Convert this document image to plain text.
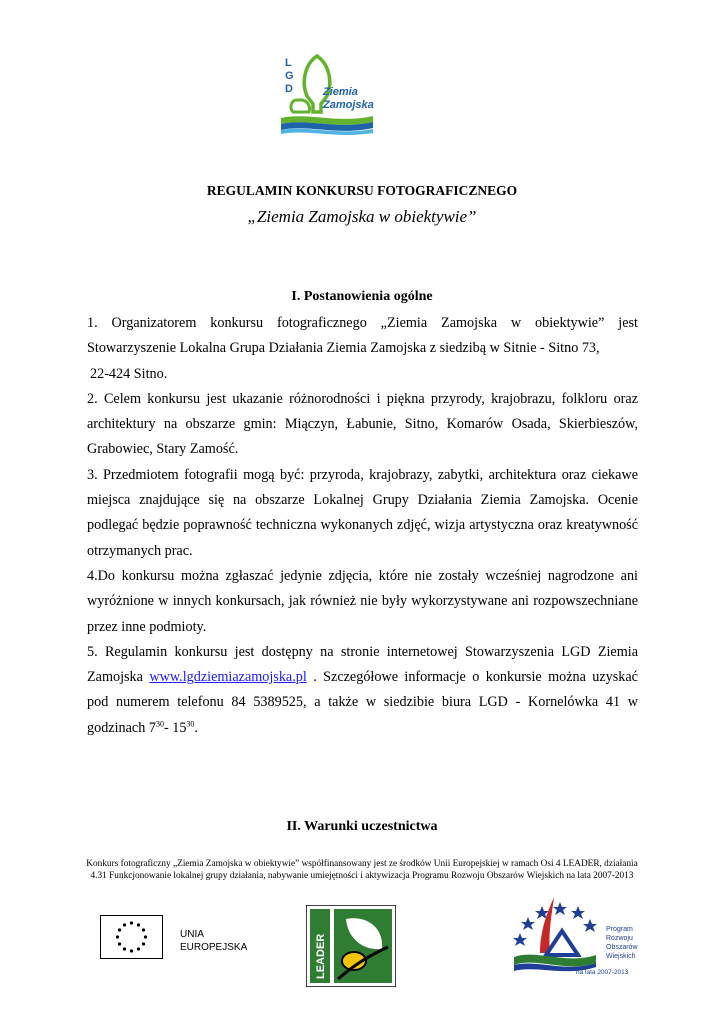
L
G
D	Ziemia
Zamojska
REGULAMIN KONKURSU FOTOGRAFICZNEGO
„Ziemia Zamojska w obiektywie”
I. Postanowienia ogólne

1. Organizatorem konkursu fotograficznego „Ziemia Zamojska w obiektywie” jest

Stowarzyszenie Lokalna Grupa Działania Ziemia Zamojska z siedzibą w Sitnie - Sitno 73,

22-424 Sitno.

2. Celem konkursu jest ukazanie różnorodności i piękna przyrody, krajobrazu, folkloru oraz architektury na obszarze gmin: Miączyn, Łabunie, Sitno, Komarów Osada, Skierbieszów, Grabowiec, Stary Zamość.

3. Przedmiotem fotografii mogą być: przyroda, krajobrazy, zabytki, architektura oraz ciekawe miejsca znajdujące się na obszarze Lokalnej Grupy Działania Ziemia Zamojska. Ocenie podlegać będzie poprawność techniczna wykonanych zdjęć, wizja artystyczna oraz kreatywność otrzymanych prac.

4.Do konkursu można zgłaszać jedynie zdjęcia, które nie zostały wcześniej nagrodzone ani wyróżnione w innych konkursach, jak również nie były wykorzystywane ani rozpowszechniane przez inne podmioty.

5. Regulamin konkursu jest dostępny na stronie internetowej Stowarzyszenia LGD Ziemia Zamojska www.lgdziemiazamojska.pl . Szczegółowe informacje o konkursie można uzyskać pod numerem telefonu 84 5389525, a także w siedzibie biura LGD - Kornelówka 41 w godzinach $7^{30}-$ $15^{30}$.

II. Warunki uczestnictwa
Konkurs fotograficzny „Ziemia Zamojska w obiektywie” współfinansowany jest ze środków Unii Europejskiej w ramach Osi 4 LEADER, działania 4.31 Funkcjonowanie lokalnej grupy działania, nabywanie umiejętności i aktywizacja Programu Rozwoju Obszarów Wiejskich na lata 2007-2013
UNIA
EUROPEJSKA	LEADER
Program
Rozwoju
Obszarów
Wiejskich
na lata 2007-2013
